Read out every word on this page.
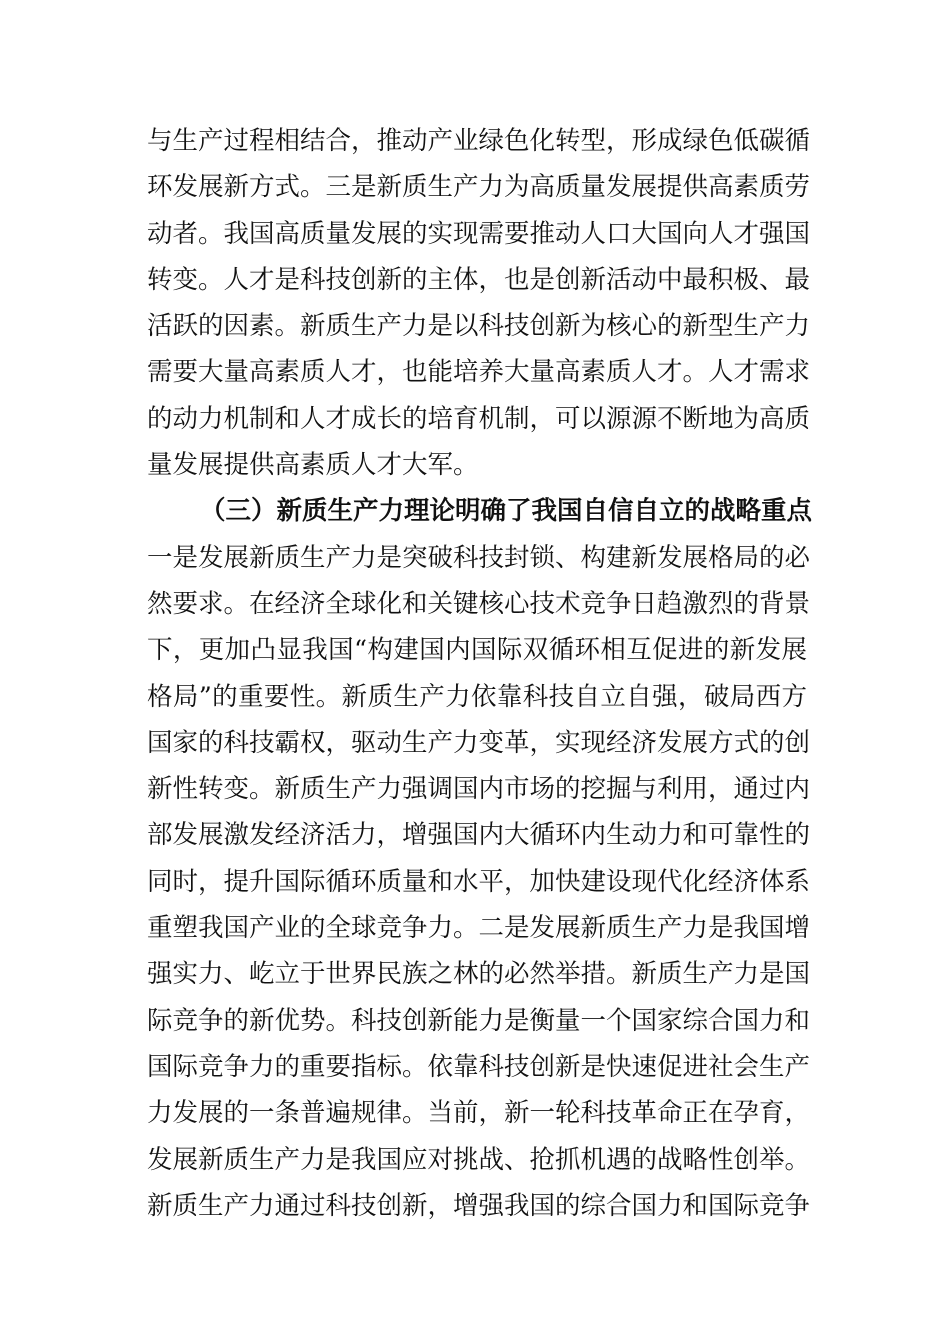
与生产过程相结合，推动产业绿色化转型，形成绿色低碳循
环发展新方式。三是新质生产力为高质量发展提供高素质劳
动者。我国高质量发展的实现需要推动人口大国向人才强国
转变。人才是科技创新的主体，也是创新活动中最积极、最
活跃的因素。新质生产力是以科技创新为核心的新型生产力
需要大量高素质人才，也能培养大量高素质人才。人才需求
的动力机制和人才成长的培育机制，可以源源不断地为高质
量发展提供高素质人才大军。
（三）新质生产力理论明确了我国自信自立的战略重点
一是发展新质生产力是突破科技封锁、构建新发展格局的必
然要求。在经济全球化和关键核心技术竞争日趋激烈的背景
下，更加凸显我国“构建国内国际双循环相互促进的新发展
格局”的重要性。新质生产力依靠科技自立自强，破局西方
国家的科技霸权，驱动生产力变革，实现经济发展方式的创
新性转变。新质生产力强调国内市场的挖掘与利用，通过内
部发展激发经济活力，增强国内大循环内生动力和可靠性的
同时，提升国际循环质量和水平，加快建设现代化经济体系
重塑我国产业的全球竞争力。二是发展新质生产力是我国增
强实力、屹立于世界民族之林的必然举措。新质生产力是国
际竞争的新优势。科技创新能力是衡量一个国家综合国力和
国际竞争力的重要指标。依靠科技创新是快速促进社会生产
力发展的一条普遍规律。当前，新一轮科技革命正在孕育，
发展新质生产力是我国应对挑战、抢抓机遇的战略性创举。
新质生产力通过科技创新，增强我国的综合国力和国际竞争
